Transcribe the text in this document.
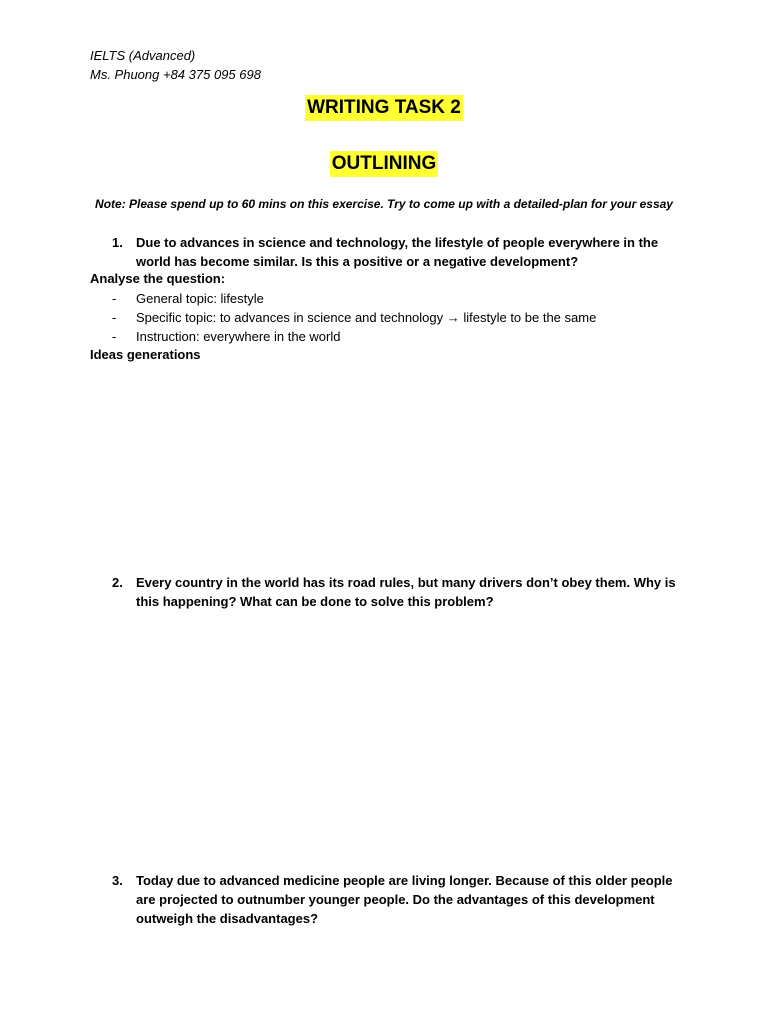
IELTS (Advanced)
Ms. Phuong +84 375 095 698
WRITING TASK 2
OUTLINING
Note: Please spend up to 60 mins on this exercise. Try to come up with a detailed-plan for your essay
1. Due to advances in science and technology, the lifestyle of people everywhere in the world has become similar. Is this a positive or a negative development?
Analyse the question:
- General topic: lifestyle
- Specific topic: to advances in science and technology → lifestyle to be the same
- Instruction: everywhere in the world
Ideas generations
2. Every country in the world has its road rules, but many drivers don’t obey them. Why is this happening? What can be done to solve this problem?
3. Today due to advanced medicine people are living longer. Because of this older people are projected to outnumber younger people. Do the advantages of this development outweigh the disadvantages?
